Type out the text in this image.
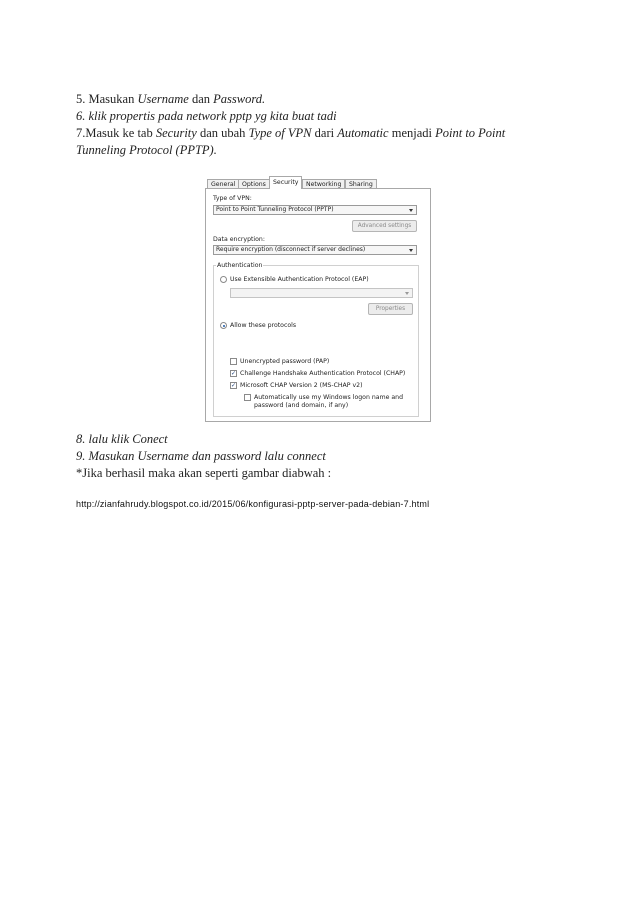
5. Masukan Username dan Password.
6. klik propertis pada network pptp yg kita buat tadi
7.Masuk ke tab Security dan ubah Type of VPN dari Automatic menjadi Point to Point
Tunneling Protocol (PPTP).
General	Options	Security	Networking	Sharing
Type of VPN:
Point to Point Tunneling Protocol (PPTP)
Advanced settings
Data encryption:
Require encryption (disconnect if server declines)
Authentication
Use Extensible Authentication Protocol (EAP)
Properties
Allow these protocols
Unencrypted password (PAP)
✓ Challenge Handshake Authentication Protocol (CHAP)
✓ Microsoft CHAP Version 2 (MS-CHAP v2)
Automatically use my Windows logon name and
password (and domain, if any)
8. lalu klik Conect
9. Masukan Username dan password lalu connect
*Jika berhasil maka akan seperti gambar diabwah :
http://zianfahrudy.blogspot.co.id/2015/06/konfigurasi-pptp-server-pada-debian-7.html
